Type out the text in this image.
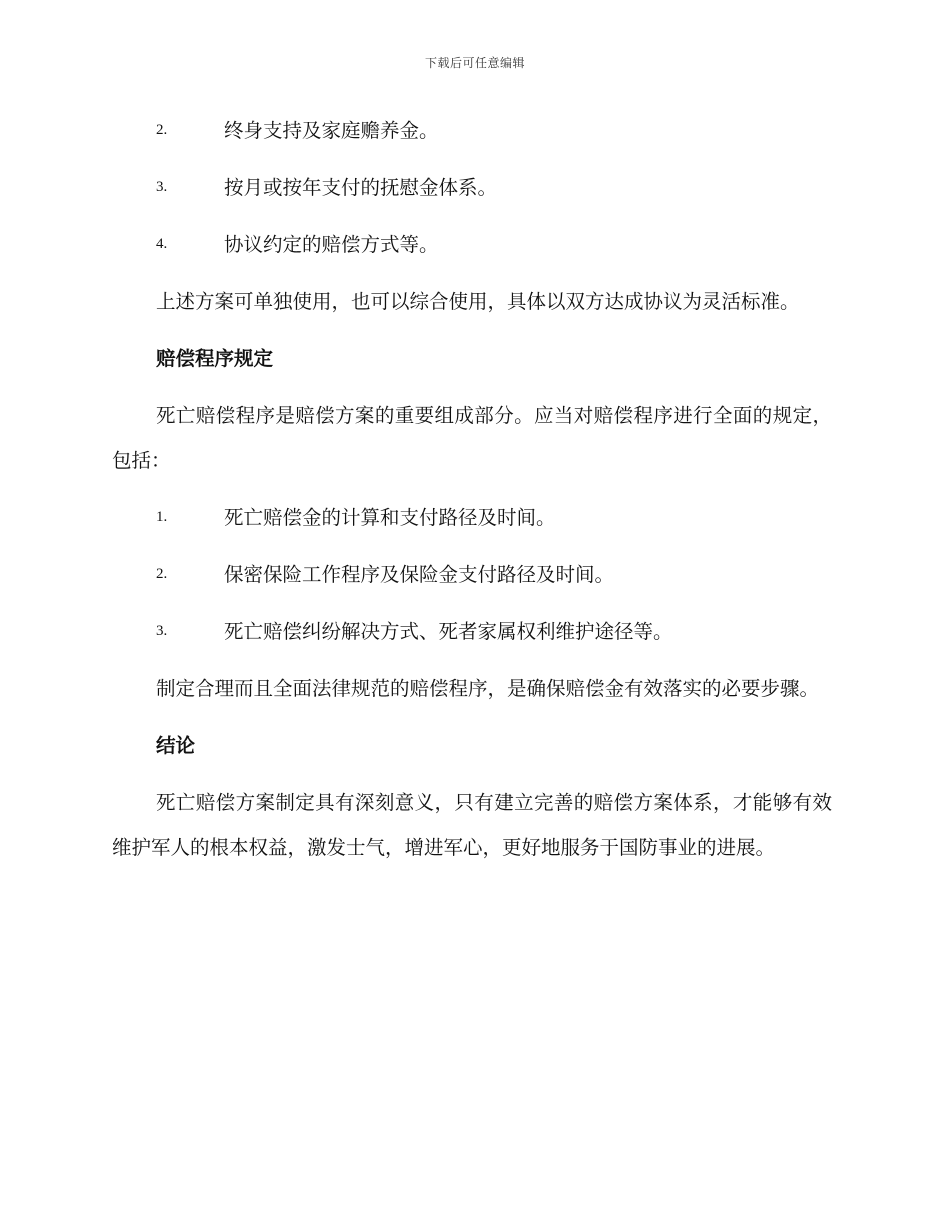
下载后可任意编辑
2.	终身支持及家庭赡养金。
3.	按月或按年支付的抚慰金体系。
4.	协议约定的赔偿方式等。

上述方案可单独使用，也可以综合使用，具体以双方达成协议为灵活标准。

赔偿程序规定

死亡赔偿程序是赔偿方案的重要组成部分。应当对赔偿程序进行全面的规定，包括：

1.	死亡赔偿金的计算和支付路径及时间。
2.	保密保险工作程序及保险金支付路径及时间。
3.	死亡赔偿纠纷解决方式、死者家属权利维护途径等。

制定合理而且全面法律规范的赔偿程序，是确保赔偿金有效落实的必要步骤。

结论

死亡赔偿方案制定具有深刻意义，只有建立完善的赔偿方案体系，才能够有效维护军人的根本权益，激发士气，增进军心，更好地服务于国防事业的进展。
